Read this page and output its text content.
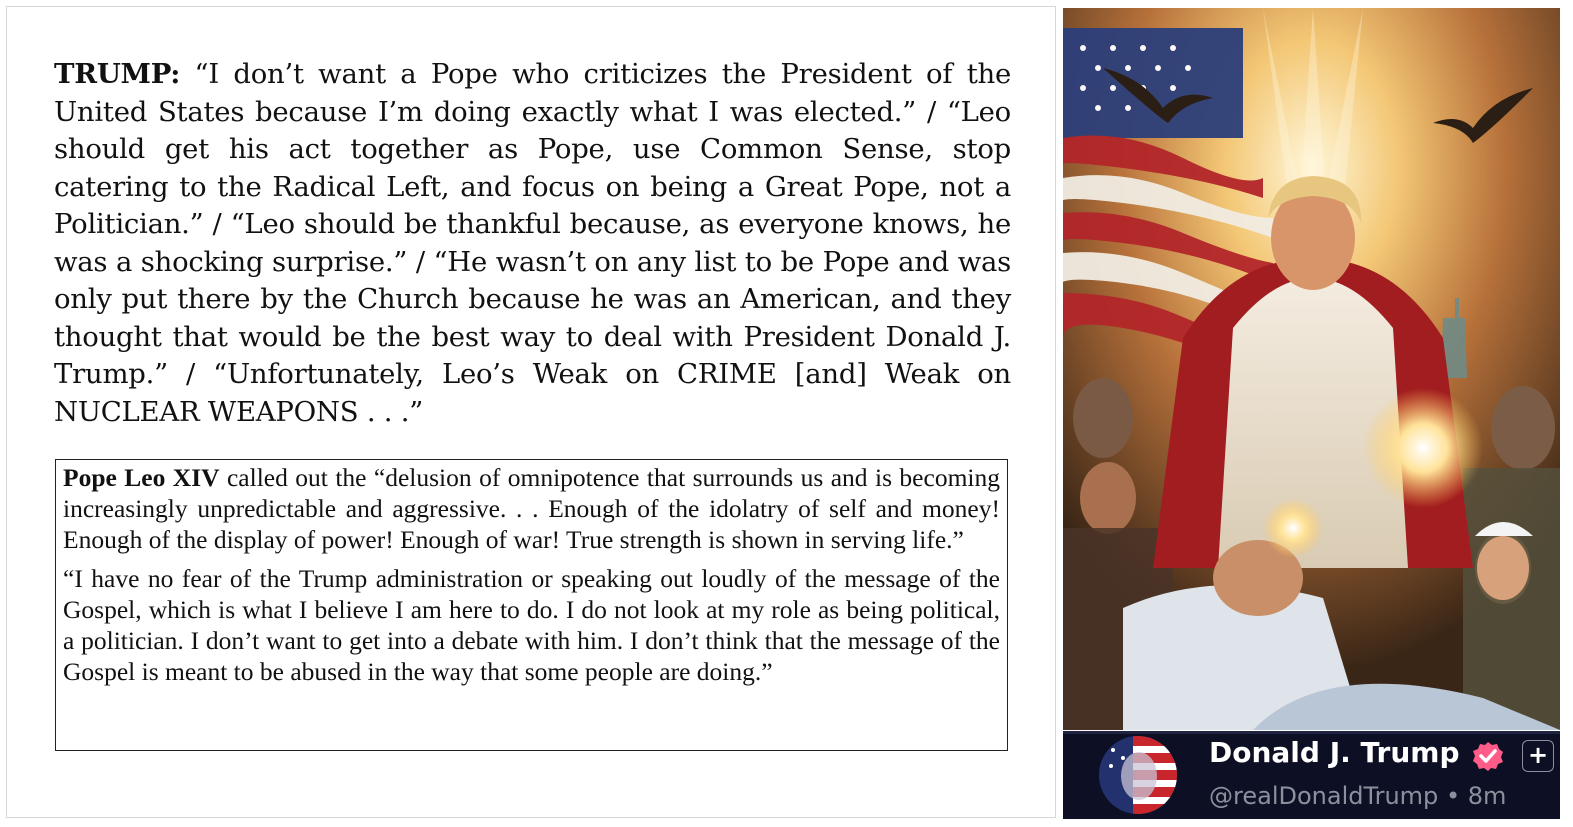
TRUMP: “I don’t want a Pope who criticizes the President of the United States because I’m doing exactly what I was elected.” / “Leo should get his act together as Pope, use Common Sense, stop catering to the Radical Left, and focus on being a Great Pope, not a Politician.” / “Leo should be thankful because, as everyone knows, he was a shocking surprise.” / “He wasn’t on any list to be Pope and was only put there by the Church because he was an American, and they thought that would be the best way to deal with President Donald J. Trump.” / “Unfortunately, Leo’s Weak on CRIME [and] Weak on NUCLEAR WEAPONS . . .”

Pope Leo XIV called out the “delusion of omnipotence that surrounds us and is becoming increasingly unpredictable and aggressive. . . Enough of the idolatry of self and money! Enough of the display of power! Enough of war! True strength is shown in serving life.”

“I have no fear of the Trump administration or speaking out loudly of the message of the Gospel, which is what I believe I am here to do. I do not look at my role as being political, a politician. I don’t want to get into a debate with him. I don’t think that the message of the Gospel is meant to be abused in the way that some people are doing.”

Donald J. Trump	+
@realDonaldTrump • 8m
